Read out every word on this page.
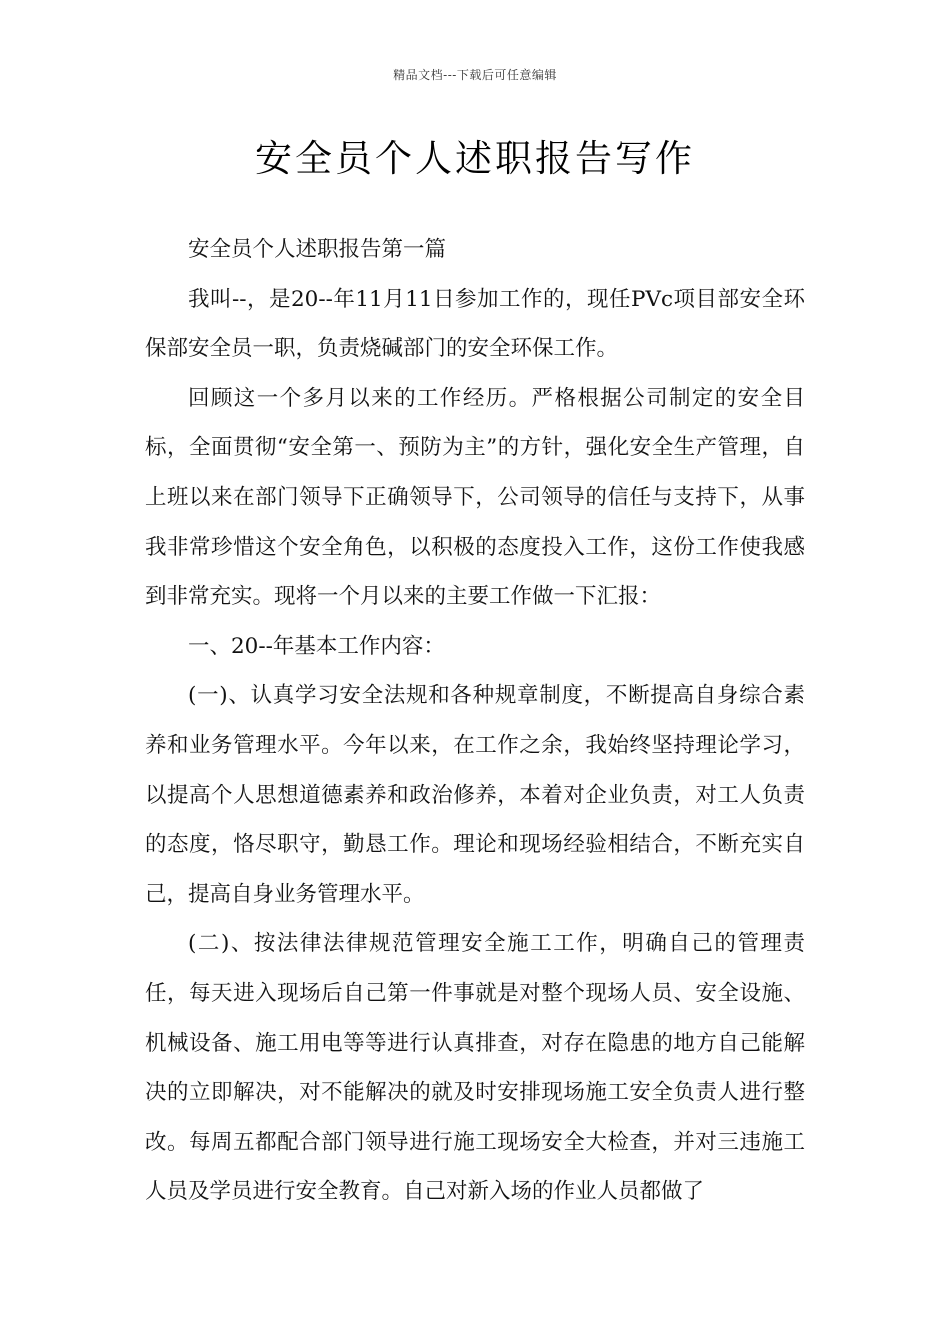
精品文档---下载后可任意编辑
安全员个人述职报告写作

安全员个人述职报告第一篇

我叫--，是20--年11月11日参加工作的，现任PVc项目部安全环保部安全员一职，负责烧碱部门的安全环保工作。

回顾这一个多月以来的工作经历。严格根据公司制定的安全目标，全面贯彻“安全第一、预防为主”的方针，强化安全生产管理，自上班以来在部门领导下正确领导下，公司领导的信任与支持下，从事我非常珍惜这个安全角色，以积极的态度投入工作，这份工作使我感到非常充实。现将一个月以来的主要工作做一下汇报：

一、20--年基本工作内容：

(一)、认真学习安全法规和各种规章制度，不断提高自身综合素养和业务管理水平。今年以来，在工作之余，我始终坚持理论学习，以提高个人思想道德素养和政治修养，本着对企业负责，对工人负责的态度，恪尽职守，勤恳工作。理论和现场经验相结合，不断充实自己，提高自身业务管理水平。

(二)、按法律法律规范管理安全施工工作，明确自己的管理责任，每天进入现场后自己第一件事就是对整个现场人员、安全设施、机械设备、施工用电等等进行认真排查，对存在隐患的地方自己能解决的立即解决，对不能解决的就及时安排现场施工安全负责人进行整改。每周五都配合部门领导进行施工现场安全大检查，并对三违施工人员及学员进行安全教育。自己对新入场的作业人员都做了
